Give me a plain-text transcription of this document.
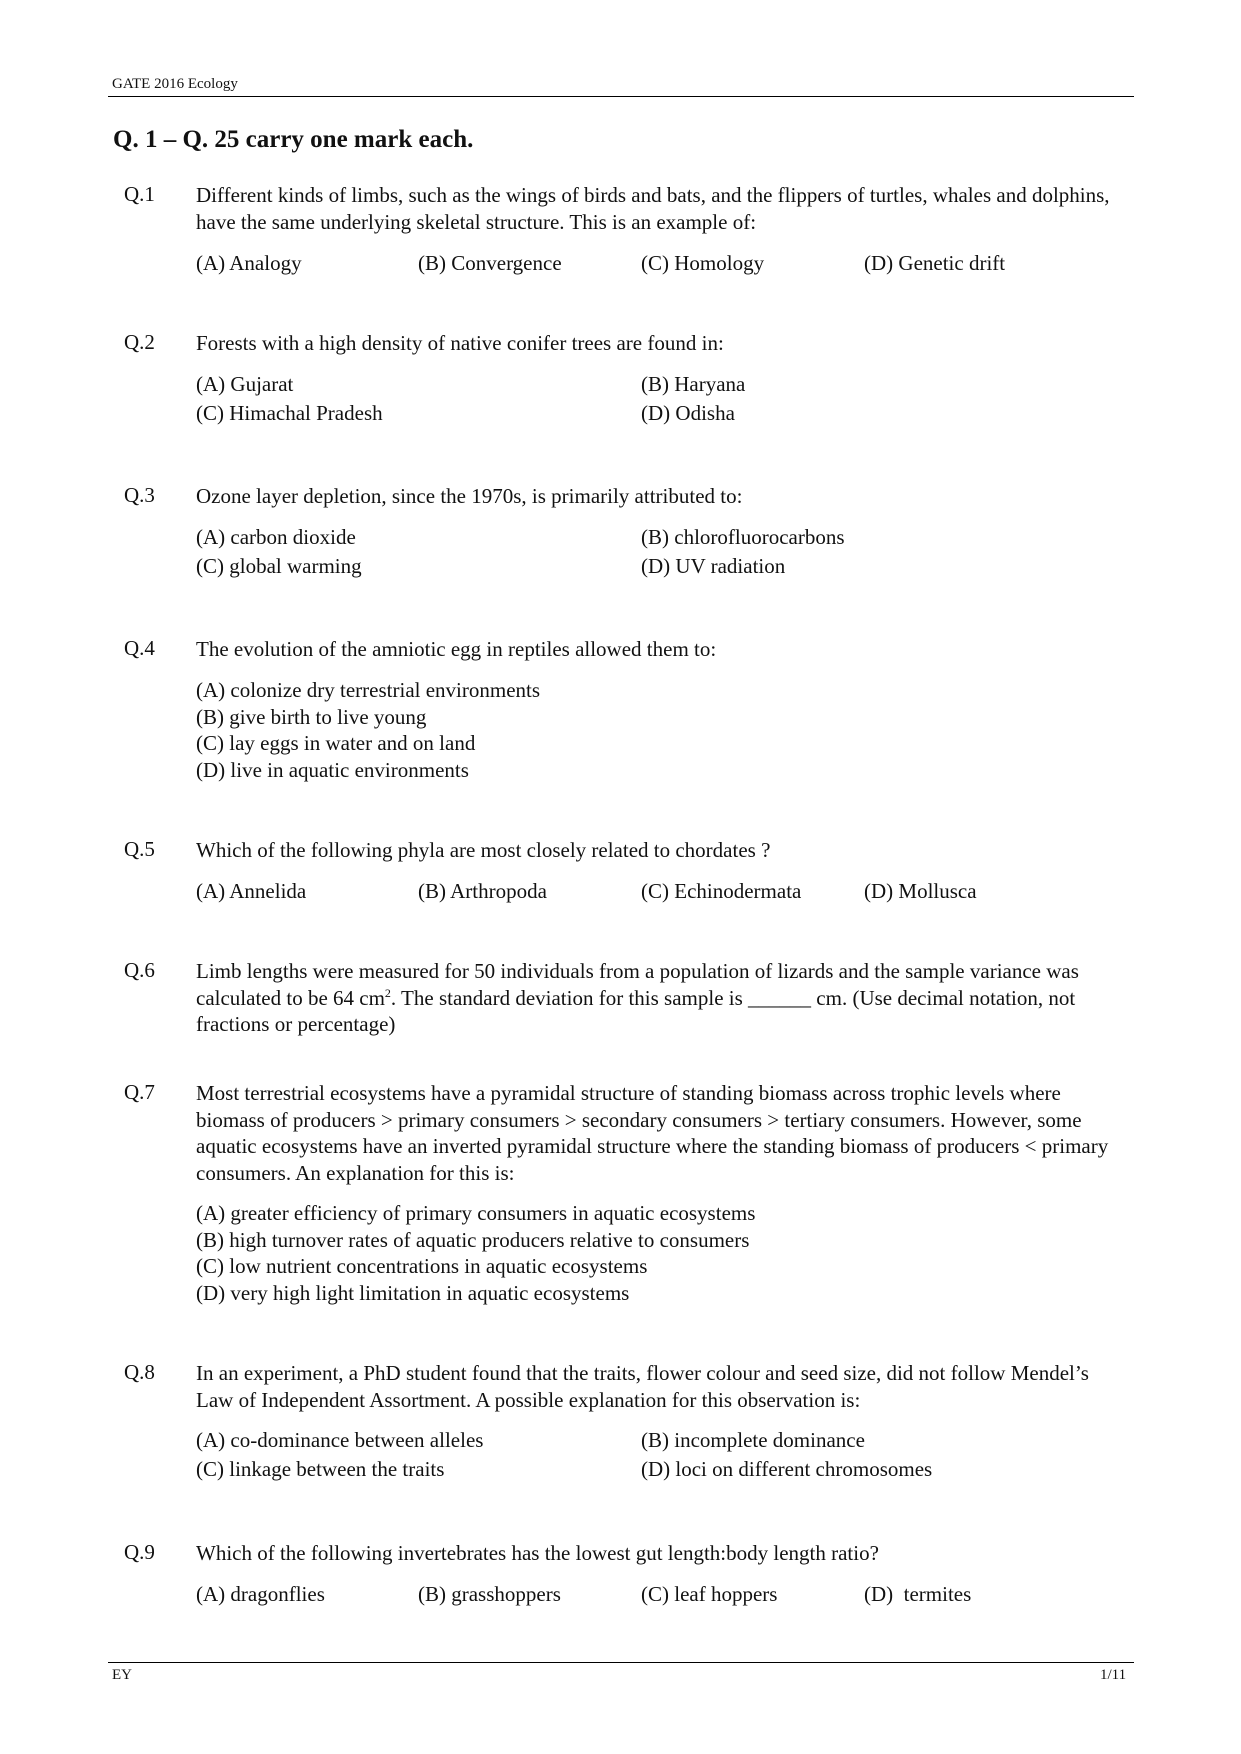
GATE 2016 Ecology
Q. 1 – Q. 25 carry one mark each.
Q.1 Different kinds of limbs, such as the wings of birds and bats, and the flippers of turtles, whales and dolphins, have the same underlying skeletal structure. This is an example of:
(A) Analogy	(B) Convergence	(C) Homology	(D) Genetic drift
Q.2 Forests with a high density of native conifer trees are found in:
(A) Gujarat	(B) Haryana
(C) Himachal Pradesh	(D) Odisha
Q.3 Ozone layer depletion, since the 1970s, is primarily attributed to:
(A) carbon dioxide	(B) chlorofluorocarbons
(C) global warming	(D) UV radiation
Q.4 The evolution of the amniotic egg in reptiles allowed them to:
(A) colonize dry terrestrial environments
(B) give birth to live young
(C) lay eggs in water and on land
(D) live in aquatic environments
Q.5 Which of the following phyla are most closely related to chordates ?
(A) Annelida	(B) Arthropoda	(C) Echinodermata	(D) Mollusca
Q.6 Limb lengths were measured for 50 individuals from a population of lizards and the sample variance was calculated to be 64 $cm^2$. The standard deviation for this sample is ______ cm. (Use decimal notation, not fractions or percentage)
Q.7 Most terrestrial ecosystems have a pyramidal structure of standing biomass across trophic levels where biomass of producers > primary consumers > secondary consumers > tertiary consumers. However, some aquatic ecosystems have an inverted pyramidal structure where the standing biomass of producers < primary consumers. An explanation for this is:
(A) greater efficiency of primary consumers in aquatic ecosystems
(B) high turnover rates of aquatic producers relative to consumers
(C) low nutrient concentrations in aquatic ecosystems
(D) very high light limitation in aquatic ecosystems
Q.8 In an experiment, a PhD student found that the traits, flower colour and seed size, did not follow Mendel’s Law of Independent Assortment. A possible explanation for this observation is:
(A) co-dominance between alleles	(B) incomplete dominance
(C) linkage between the traits	(D) loci on different chromosomes
Q.9 Which of the following invertebrates has the lowest gut length:body length ratio?
(A) dragonflies	(B) grasshoppers	(C) leaf hoppers	(D)  termites
EY	1/11
